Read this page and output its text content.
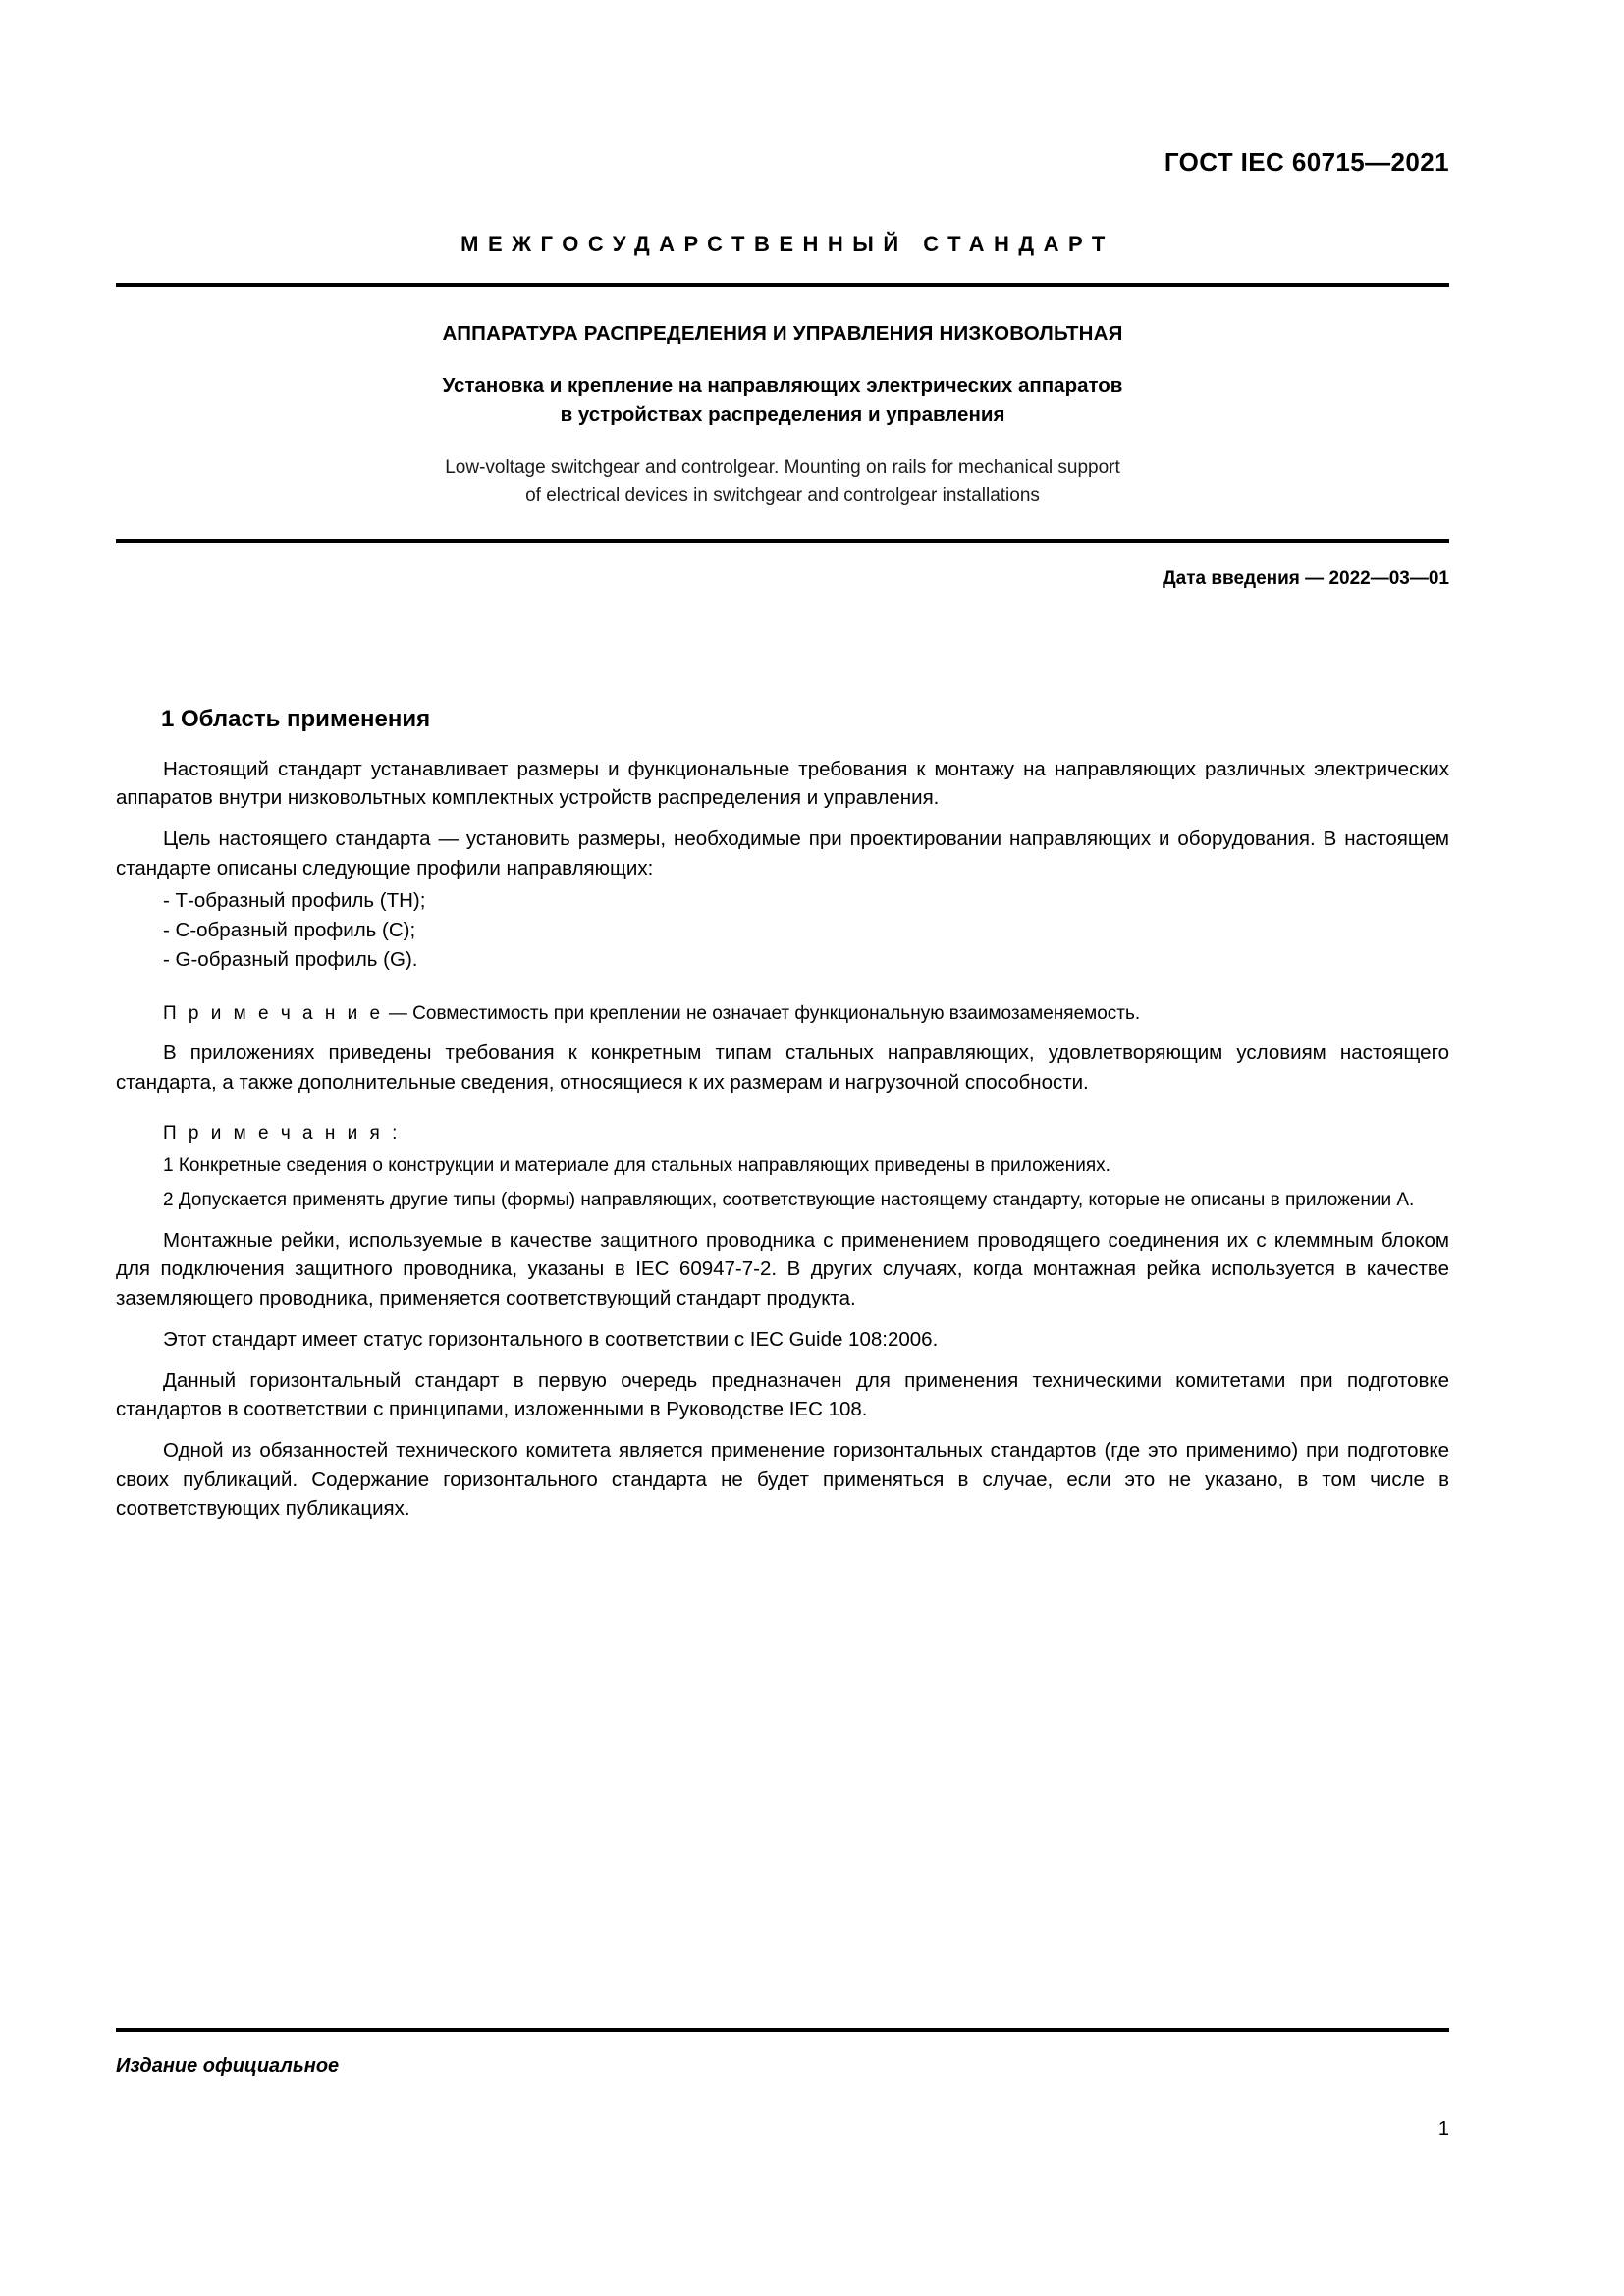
ГОСТ IEC 60715—2021
МЕЖГОСУДАРСТВЕННЫЙ СТАНДАРТ
АППАРАТУРА РАСПРЕДЕЛЕНИЯ И УПРАВЛЕНИЯ НИЗКОВОЛЬТНАЯ
Установка и крепление на направляющих электрических аппаратов
в устройствах распределения и управления
Low-voltage switchgear and controlgear. Mounting on rails for mechanical support
of electrical devices in switchgear and controlgear installations
Дата введения — 2022—03—01
1 Область применения

Настоящий стандарт устанавливает размеры и функциональные требования к монтажу на направляющих различных электрических аппаратов внутри низковольтных комплектных устройств распределения и управления.

Цель настоящего стандарта — установить размеры, необходимые при проектировании направляющих и оборудования. В настоящем стандарте описаны следующие профили направляющих:

- Т-образный профиль (TH);
- С-образный профиль (C);
- G-образный профиль (G).

П р и м е ч а н и е — Совместимость при креплении не означает функциональную взаимозаменяемость.

В приложениях приведены требования к конкретным типам стальных направляющих, удовлетворяющим условиям настоящего стандарта, а также дополнительные сведения, относящиеся к их размерам и нагрузочной способности.

П р и м е ч а н и я :

1 Конкретные сведения о конструкции и материале для стальных направляющих приведены в приложениях.

2 Допускается применять другие типы (формы) направляющих, соответствующие настоящему стандарту, которые не описаны в приложении А.

Монтажные рейки, используемые в качестве защитного проводника с применением проводящего соединения их с клеммным блоком для подключения защитного проводника, указаны в IEC 60947-7-2. В других случаях, когда монтажная рейка используется в качестве заземляющего проводника, применяется соответствующий стандарт продукта.

Этот стандарт имеет статус горизонтального в соответствии с IEC Guide 108:2006.

Данный горизонтальный стандарт в первую очередь предназначен для применения техническими комитетами при подготовке стандартов в соответствии с принципами, изложенными в Руководстве IEC 108.

Одной из обязанностей технического комитета является применение горизонтальных стандартов (где это применимо) при подготовке своих публикаций. Содержание горизонтального стандарта не будет применяться в случае, если это не указано, в том числе в соответствующих публикациях.

Издание официальное
1
